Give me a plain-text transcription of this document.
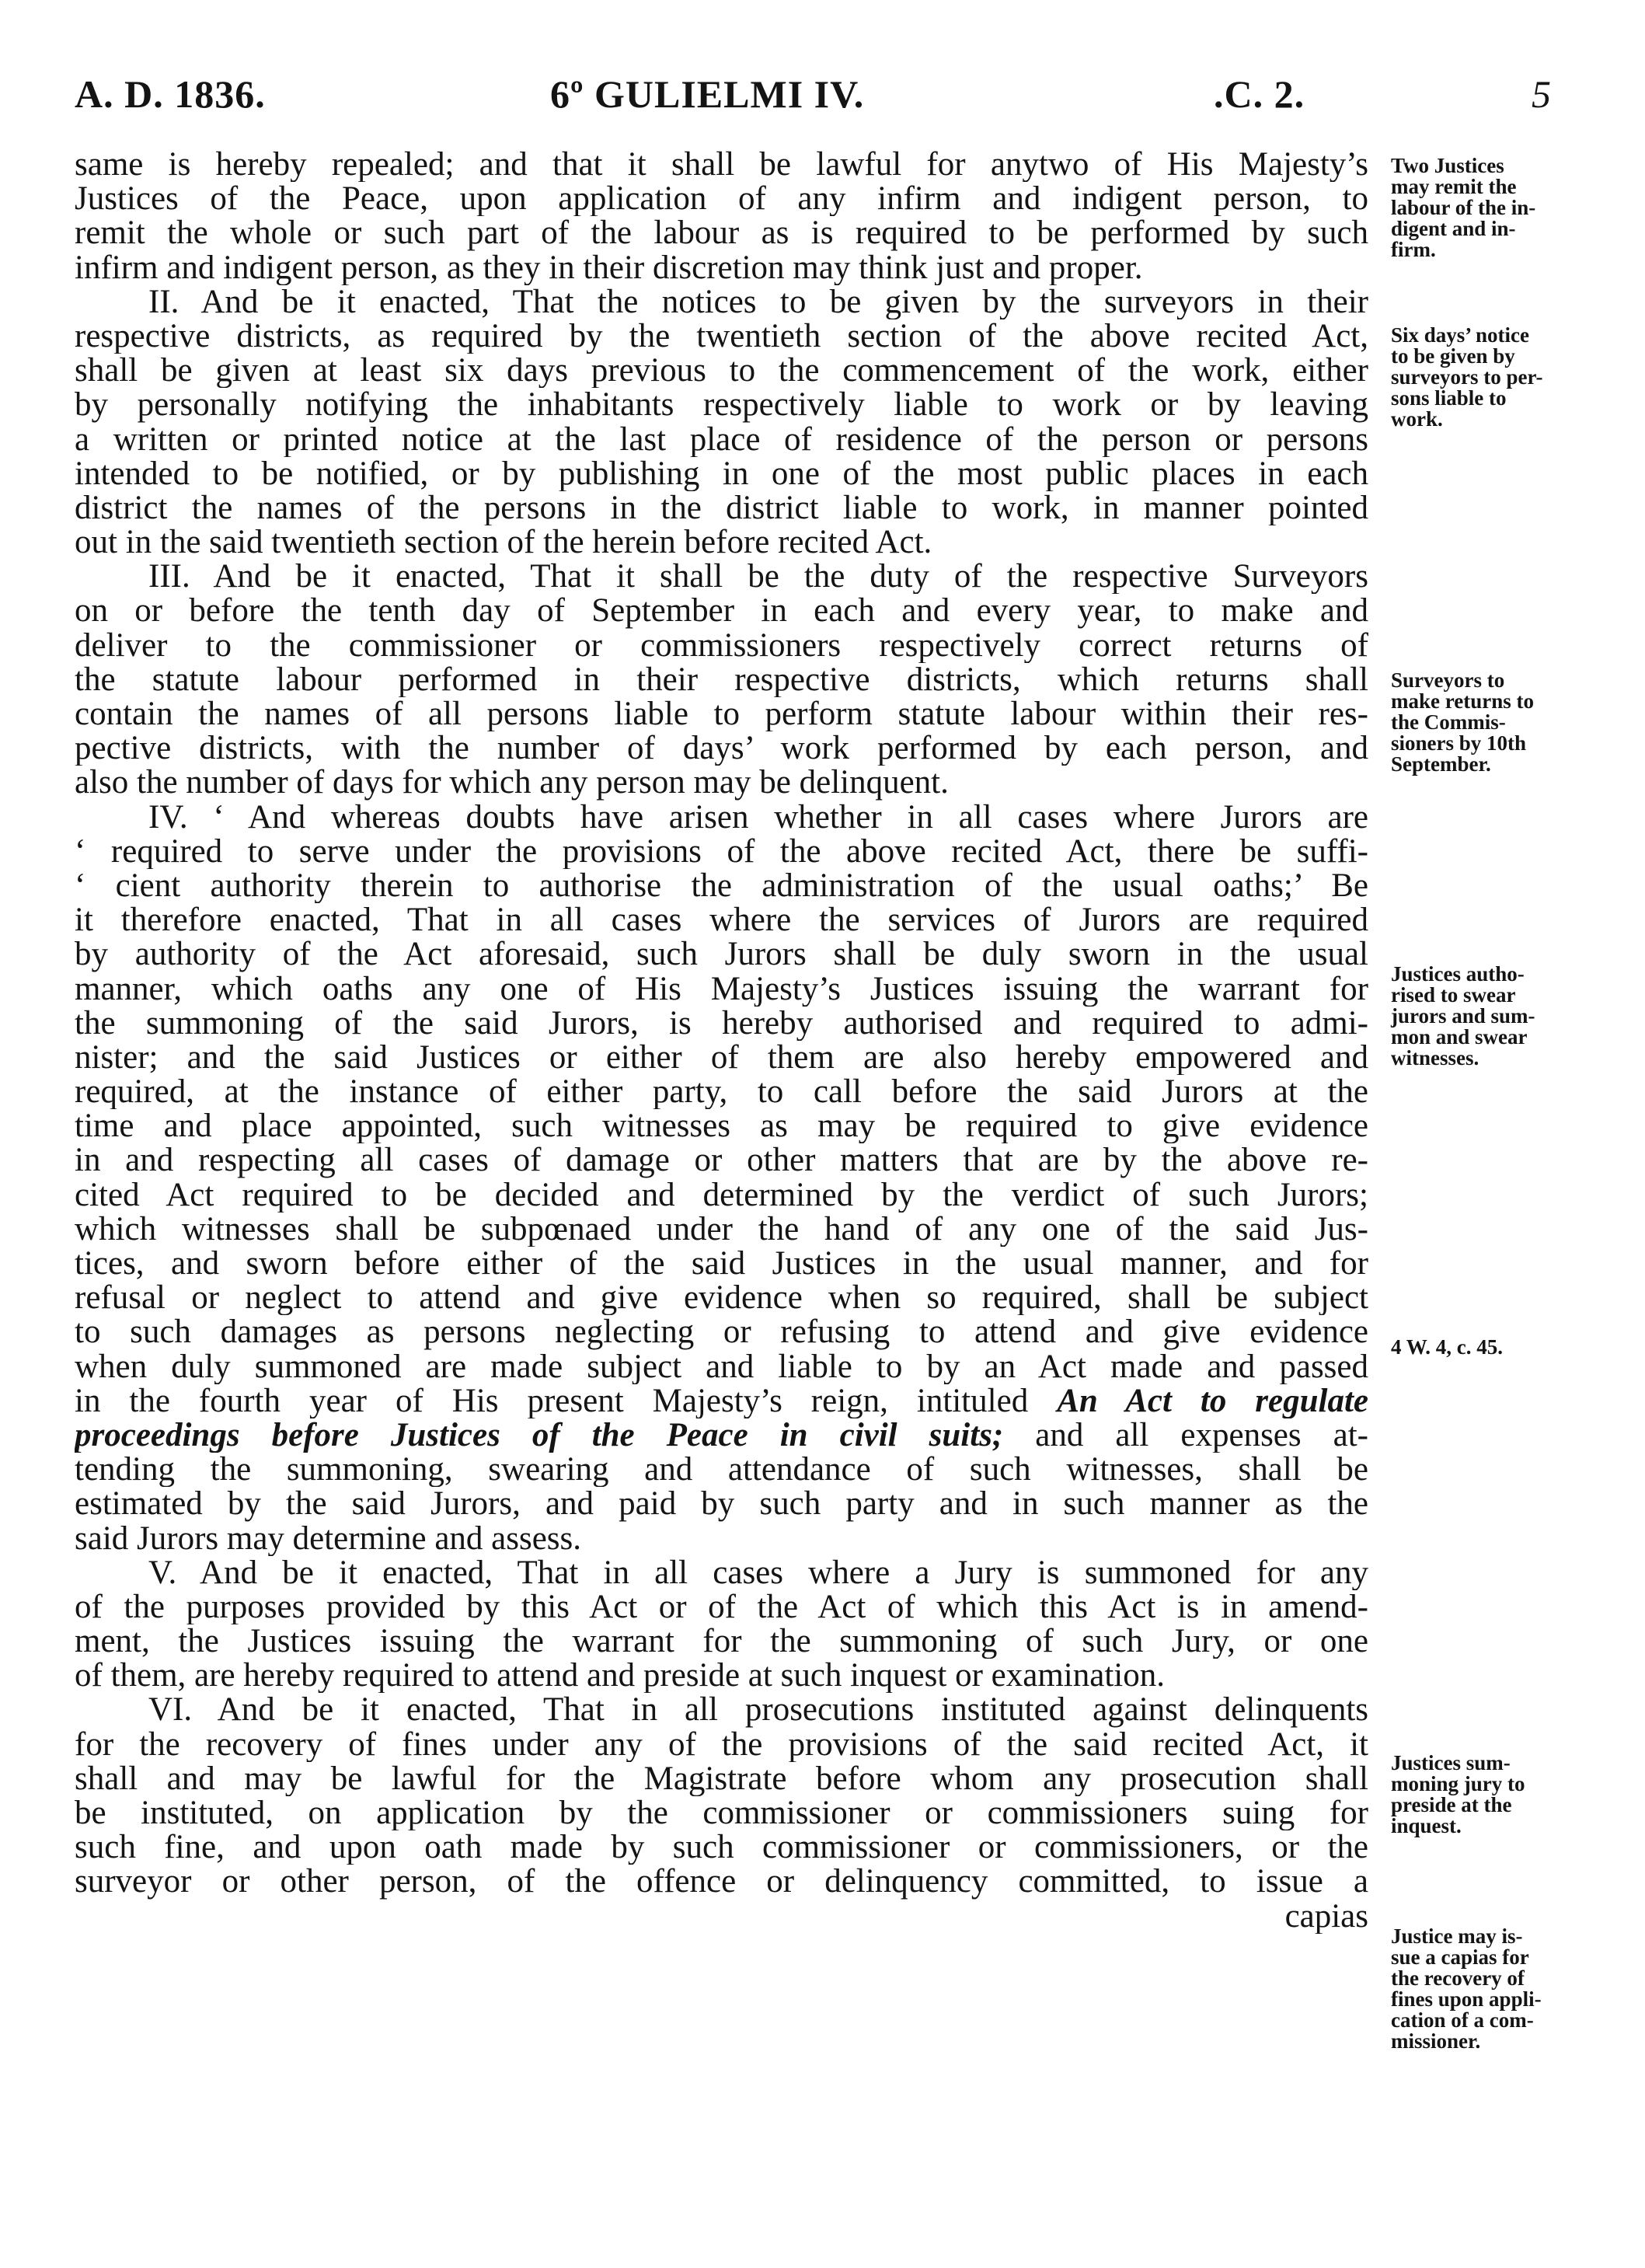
A. D. 1836.	6º GULIELMI IV.	.C. 2.	5
same is hereby repealed; and that it shall be lawful for anytwo of His Majesty’s
Justices of the Peace, upon application of any infirm and indigent person, to
remit the whole or such part of the labour as is required to be performed by such
infirm and indigent person, as they in their discretion may think just and proper.
II. And be it enacted, That the notices to be given by the surveyors in their
respective districts, as required by the twentieth section of the above recited Act,
shall be given at least six days previous to the commencement of the work, either
by personally notifying the inhabitants respectively liable to work or by leaving
a written or printed notice at the last place of residence of the person or persons
intended to be notified, or by publishing in one of the most public places in each
district the names of the persons in the district liable to work, in manner pointed
out in the said twentieth section of the herein before recited Act.
III. And be it enacted, That it shall be the duty of the respective Surveyors
on or before the tenth day of September in each and every year, to make and
deliver to the commissioner or commissioners respectively correct returns of
the statute labour performed in their respective districts, which returns shall
contain the names of all persons liable to perform statute labour within their res-
pective districts, with the number of days’ work performed by each person, and
also the number of days for which any person may be delinquent.
IV. ‘ And whereas doubts have arisen whether in all cases where Jurors are
‘ required to serve under the provisions of the above recited Act, there be suffi-
‘ cient authority therein to authorise the administration of the usual oaths;’ Be
it therefore enacted, That in all cases where the services of Jurors are required
by authority of the Act aforesaid, such Jurors shall be duly sworn in the usual
manner, which oaths any one of His Majesty’s Justices issuing the warrant for
the summoning of the said Jurors, is hereby authorised and required to admi-
nister; and the said Justices or either of them are also hereby empowered and
required, at the instance of either party, to call before the said Jurors at the
time and place appointed, such witnesses as may be required to give evidence
in and respecting all cases of damage or other matters that are by the above re-
cited Act required to be decided and determined by the verdict of such Jurors;
which witnesses shall be subpœnaed under the hand of any one of the said Jus-
tices, and sworn before either of the said Justices in the usual manner, and for
refusal or neglect to attend and give evidence when so required, shall be subject
to such damages as persons neglecting or refusing to attend and give evidence
when duly summoned are made subject and liable to by an Act made and passed
in the fourth year of His present Majesty’s reign, intituled An Act to regulate
proceedings before Justices of the Peace in civil suits; and all expenses at-
tending the summoning, swearing and attendance of such witnesses, shall be
estimated by the said Jurors, and paid by such party and in such manner as the
said Jurors may determine and assess.
V. And be it enacted, That in all cases where a Jury is summoned for any
of the purposes provided by this Act or of the Act of which this Act is in amend-
ment, the Justices issuing the warrant for the summoning of such Jury, or one
of them, are hereby required to attend and preside at such inquest or examination.
VI. And be it enacted, That in all prosecutions instituted against delinquents
for the recovery of fines under any of the provisions of the said recited Act, it
shall and may be lawful for the Magistrate before whom any prosecution shall
be instituted, on application by the commissioner or commissioners suing for
such fine, and upon oath made by such commissioner or commissioners, or the
surveyor or other person, of the offence or delinquency committed, to issue a
capias
Two Justices
may remit the
labour of the in-
digent and in-
firm.
Six days’ notice
to be given by
surveyors to per-
sons liable to
work.
Surveyors to
make returns to
the Commis-
sioners by 10th
September.
Justices autho-
rised to swear
jurors and sum-
mon and swear
witnesses.
4 W. 4, c. 45.
Justices sum-
moning jury to
preside at the
inquest.
Justice may is-
sue a capias for
the recovery of
fines upon appli-
cation of a com-
missioner.
